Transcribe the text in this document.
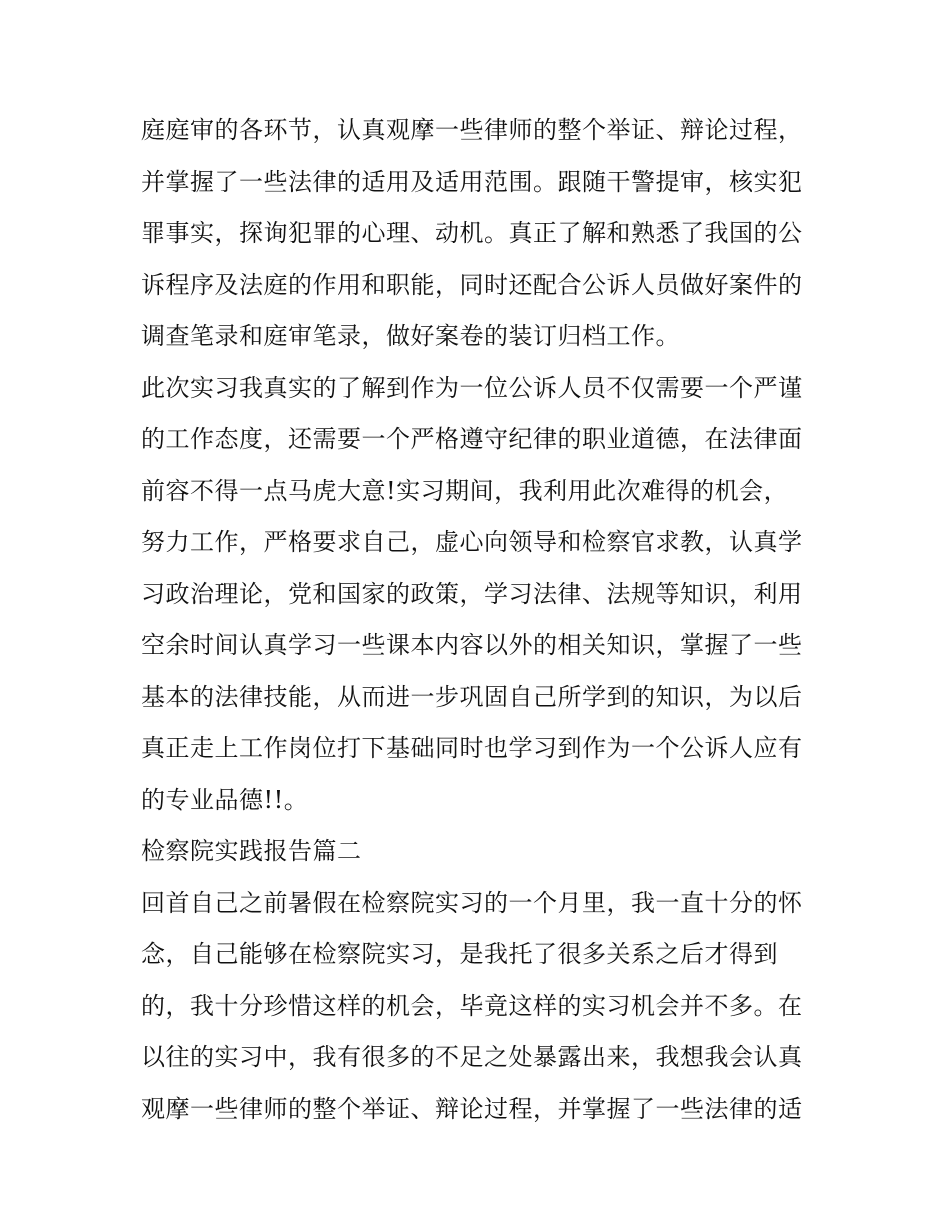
庭庭审的各环节，认真观摩一些律师的整个举证、辩论过程，
并掌握了一些法律的适用及适用范围。跟随干警提审，核实犯
罪事实，探询犯罪的心理、动机。真正了解和熟悉了我国的公
诉程序及法庭的作用和职能，同时还配合公诉人员做好案件的
调查笔录和庭审笔录，做好案卷的装订归档工作。
此次实习我真实的了解到作为一位公诉人员不仅需要一个严谨
的工作态度，还需要一个严格遵守纪律的职业道德，在法律面
前容不得一点马虎大意!实习期间，我利用此次难得的机会，
努力工作，严格要求自己，虚心向领导和检察官求教，认真学
习政治理论，党和国家的政策，学习法律、法规等知识，利用
空余时间认真学习一些课本内容以外的相关知识，掌握了一些
基本的法律技能，从而进一步巩固自己所学到的知识，为以后
真正走上工作岗位打下基础同时也学习到作为一个公诉人应有
的专业品德!!。
检察院实践报告篇二
回首自己之前暑假在检察院实习的一个月里，我一直十分的怀
念，自己能够在检察院实习，是我托了很多关系之后才得到
的，我十分珍惜这样的机会，毕竟这样的实习机会并不多。在
以往的实习中，我有很多的不足之处暴露出来，我想我会认真
观摩一些律师的整个举证、辩论过程，并掌握了一些法律的适
